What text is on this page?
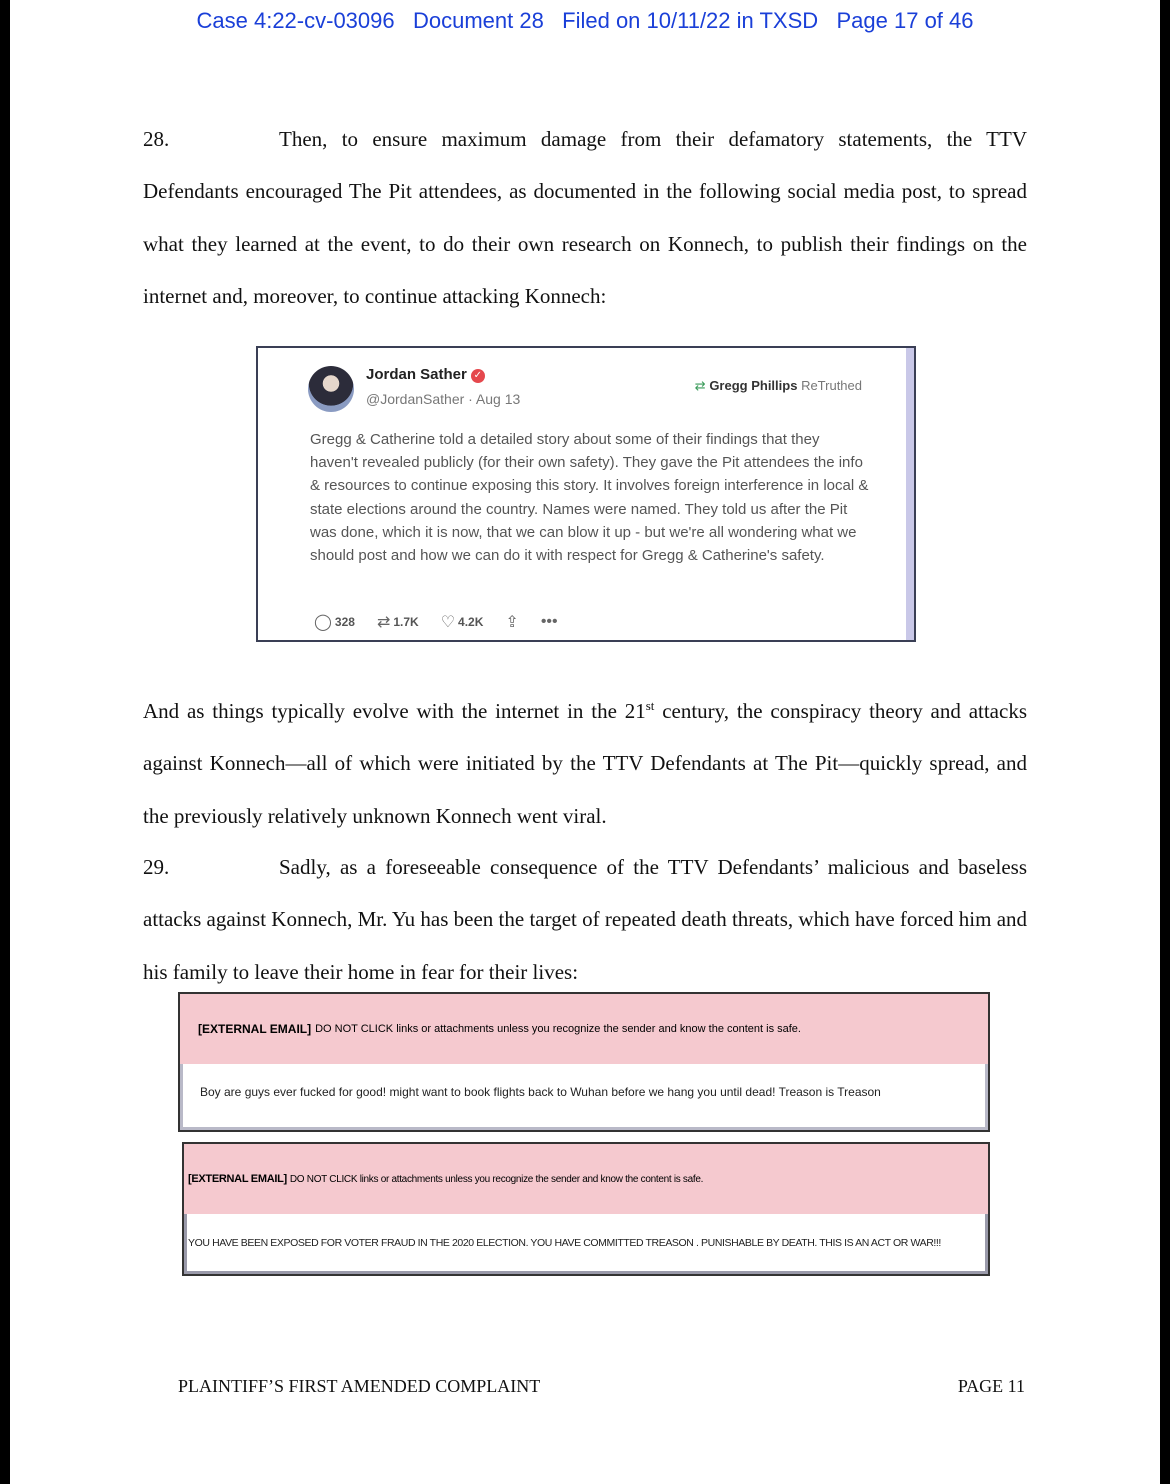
Case 4:22-cv-03096   Document 28   Filed on 10/11/22 in TXSD   Page 17 of 46

28.	Then, to ensure maximum damage from their defamatory statements, the TTV Defendants encouraged The Pit attendees, as documented in the following social media post, to spread what they learned at the event, to do their own research on Konnech, to publish their findings on the internet and, moreover, to continue attacking Konnech:

Jordan Sather ✓
@JordanSather · Aug 13
⇄ Gregg Phillips ReTruthed

Gregg & Catherine told a detailed story about some of their findings that they haven't revealed publicly (for their own safety). They gave the Pit attendees the info & resources to continue exposing this story. It involves foreign interference in local & state elections around the country. Names were named. They told us after the Pit was done, which it is now, that we can blow it up - but we're all wondering what we should post and how we can do it with respect for Gregg & Catherine's safety.

◯ 328 ⇄ 1.7K ♡ 4.2K ⇪ •••

And as things typically evolve with the internet in the 21st century, the conspiracy theory and attacks against Konnech—all of which were initiated by the TTV Defendants at The Pit—quickly spread, and the previously relatively unknown Konnech went viral.

29.	Sadly, as a foreseeable consequence of the TTV Defendants’ malicious and baseless attacks against Konnech, Mr. Yu has been the target of repeated death threats, which have forced him and his family to leave their home in fear for their lives:

[EXTERNAL EMAIL] DO NOT CLICK links or attachments unless you recognize the sender and know the content is safe.
Boy are guys ever fucked for good! might want to book flights back to Wuhan before we hang you until dead! Treason is Treason
[EXTERNAL EMAIL] DO NOT CLICK links or attachments unless you recognize the sender and know the content is safe.
YOU HAVE BEEN EXPOSED FOR VOTER FRAUD IN THE 2020 ELECTION. YOU HAVE COMMITTED TREASON . PUNISHABLE BY DEATH. THIS IS AN ACT OR WAR!!!
PLAINTIFF’S FIRST AMENDED COMPLAINT	PAGE 11
